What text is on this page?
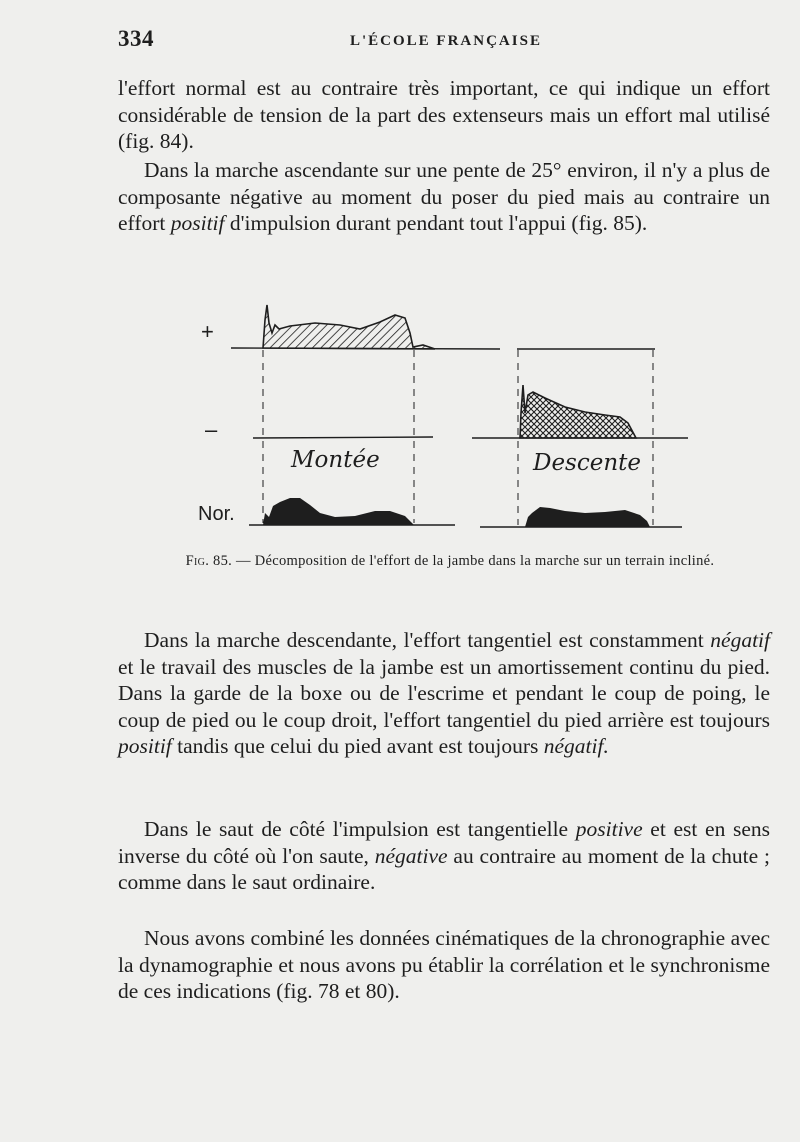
334	L'ÉCOLE FRANÇAISE

l'effort normal est au contraire très important, ce qui indique un effort considérable de tension de la part des extenseurs mais un effort mal utilisé (fig. 84).

Dans la marche ascendante sur une pente de 25° environ, il n'y a plus de composante négative au moment du poser du pied mais au contraire un effort positif d'impulsion durant pendant tout l'appui (fig. 85).

+
–
Nor.
Montée	Descente
Fig. 85. — Décomposition de l'effort de la jambe dans la marche sur un terrain incliné.

Dans la marche descendante, l'effort tangentiel est constamment négatif et le travail des muscles de la jambe est un amortissement continu du pied. Dans la garde de la boxe ou de l'escrime et pendant le coup de poing, le coup de pied ou le coup droit, l'effort tangentiel du pied arrière est toujours positif tandis que celui du pied avant est toujours négatif.

Dans le saut de côté l'impulsion est tangentielle positive et est en sens inverse du côté où l'on saute, négative au contraire au moment de la chute ; comme dans le saut ordinaire.

Nous avons combiné les données cinématiques de la chronographie avec la dynamographie et nous avons pu établir la corrélation et le synchronisme de ces indications (fig. 78 et 80).
